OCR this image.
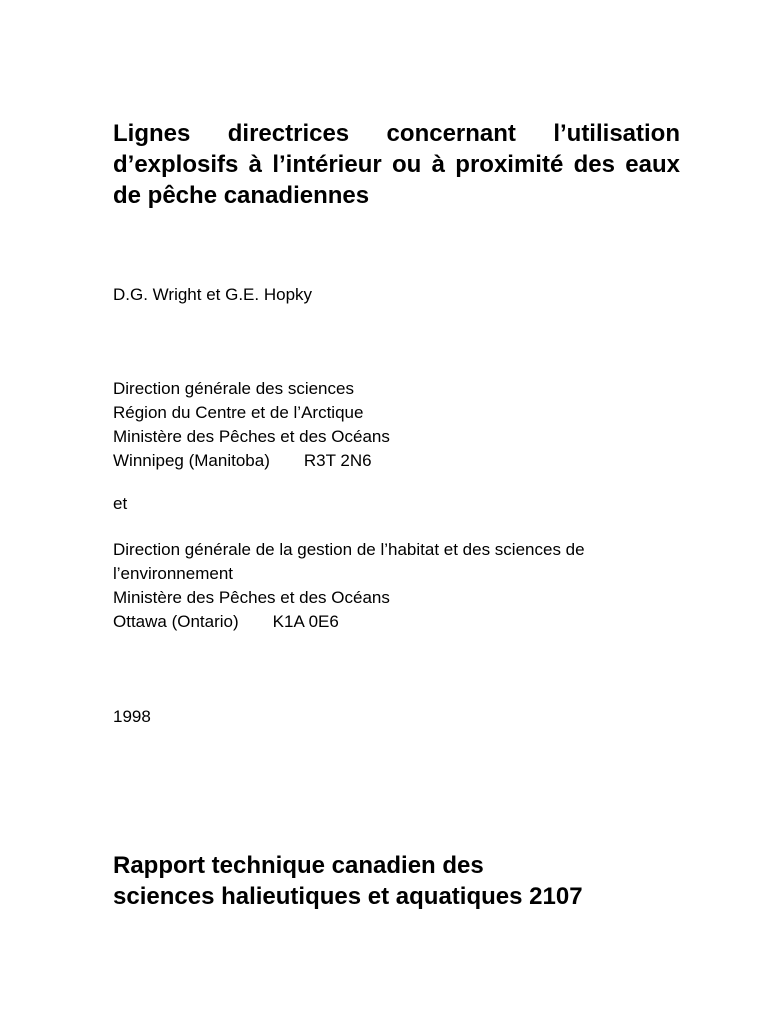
Lignes directrices concernant l’utilisation
d’explosifs à l’intérieur ou à proximité des eaux
de pêche canadiennes

D.G. Wright et G.E. Hopky

Direction générale des sciences
Région du Centre et de l’Arctique
Ministère des Pêches et des Océans
Winnipeg (Manitoba) R3T 2N6

et

Direction générale de la gestion de l’habitat et des sciences de l’environnement
Ministère des Pêches et des Océans
Ottawa (Ontario) K1A 0E6

1998

Rapport technique canadien des
sciences halieutiques et aquatiques 2107
